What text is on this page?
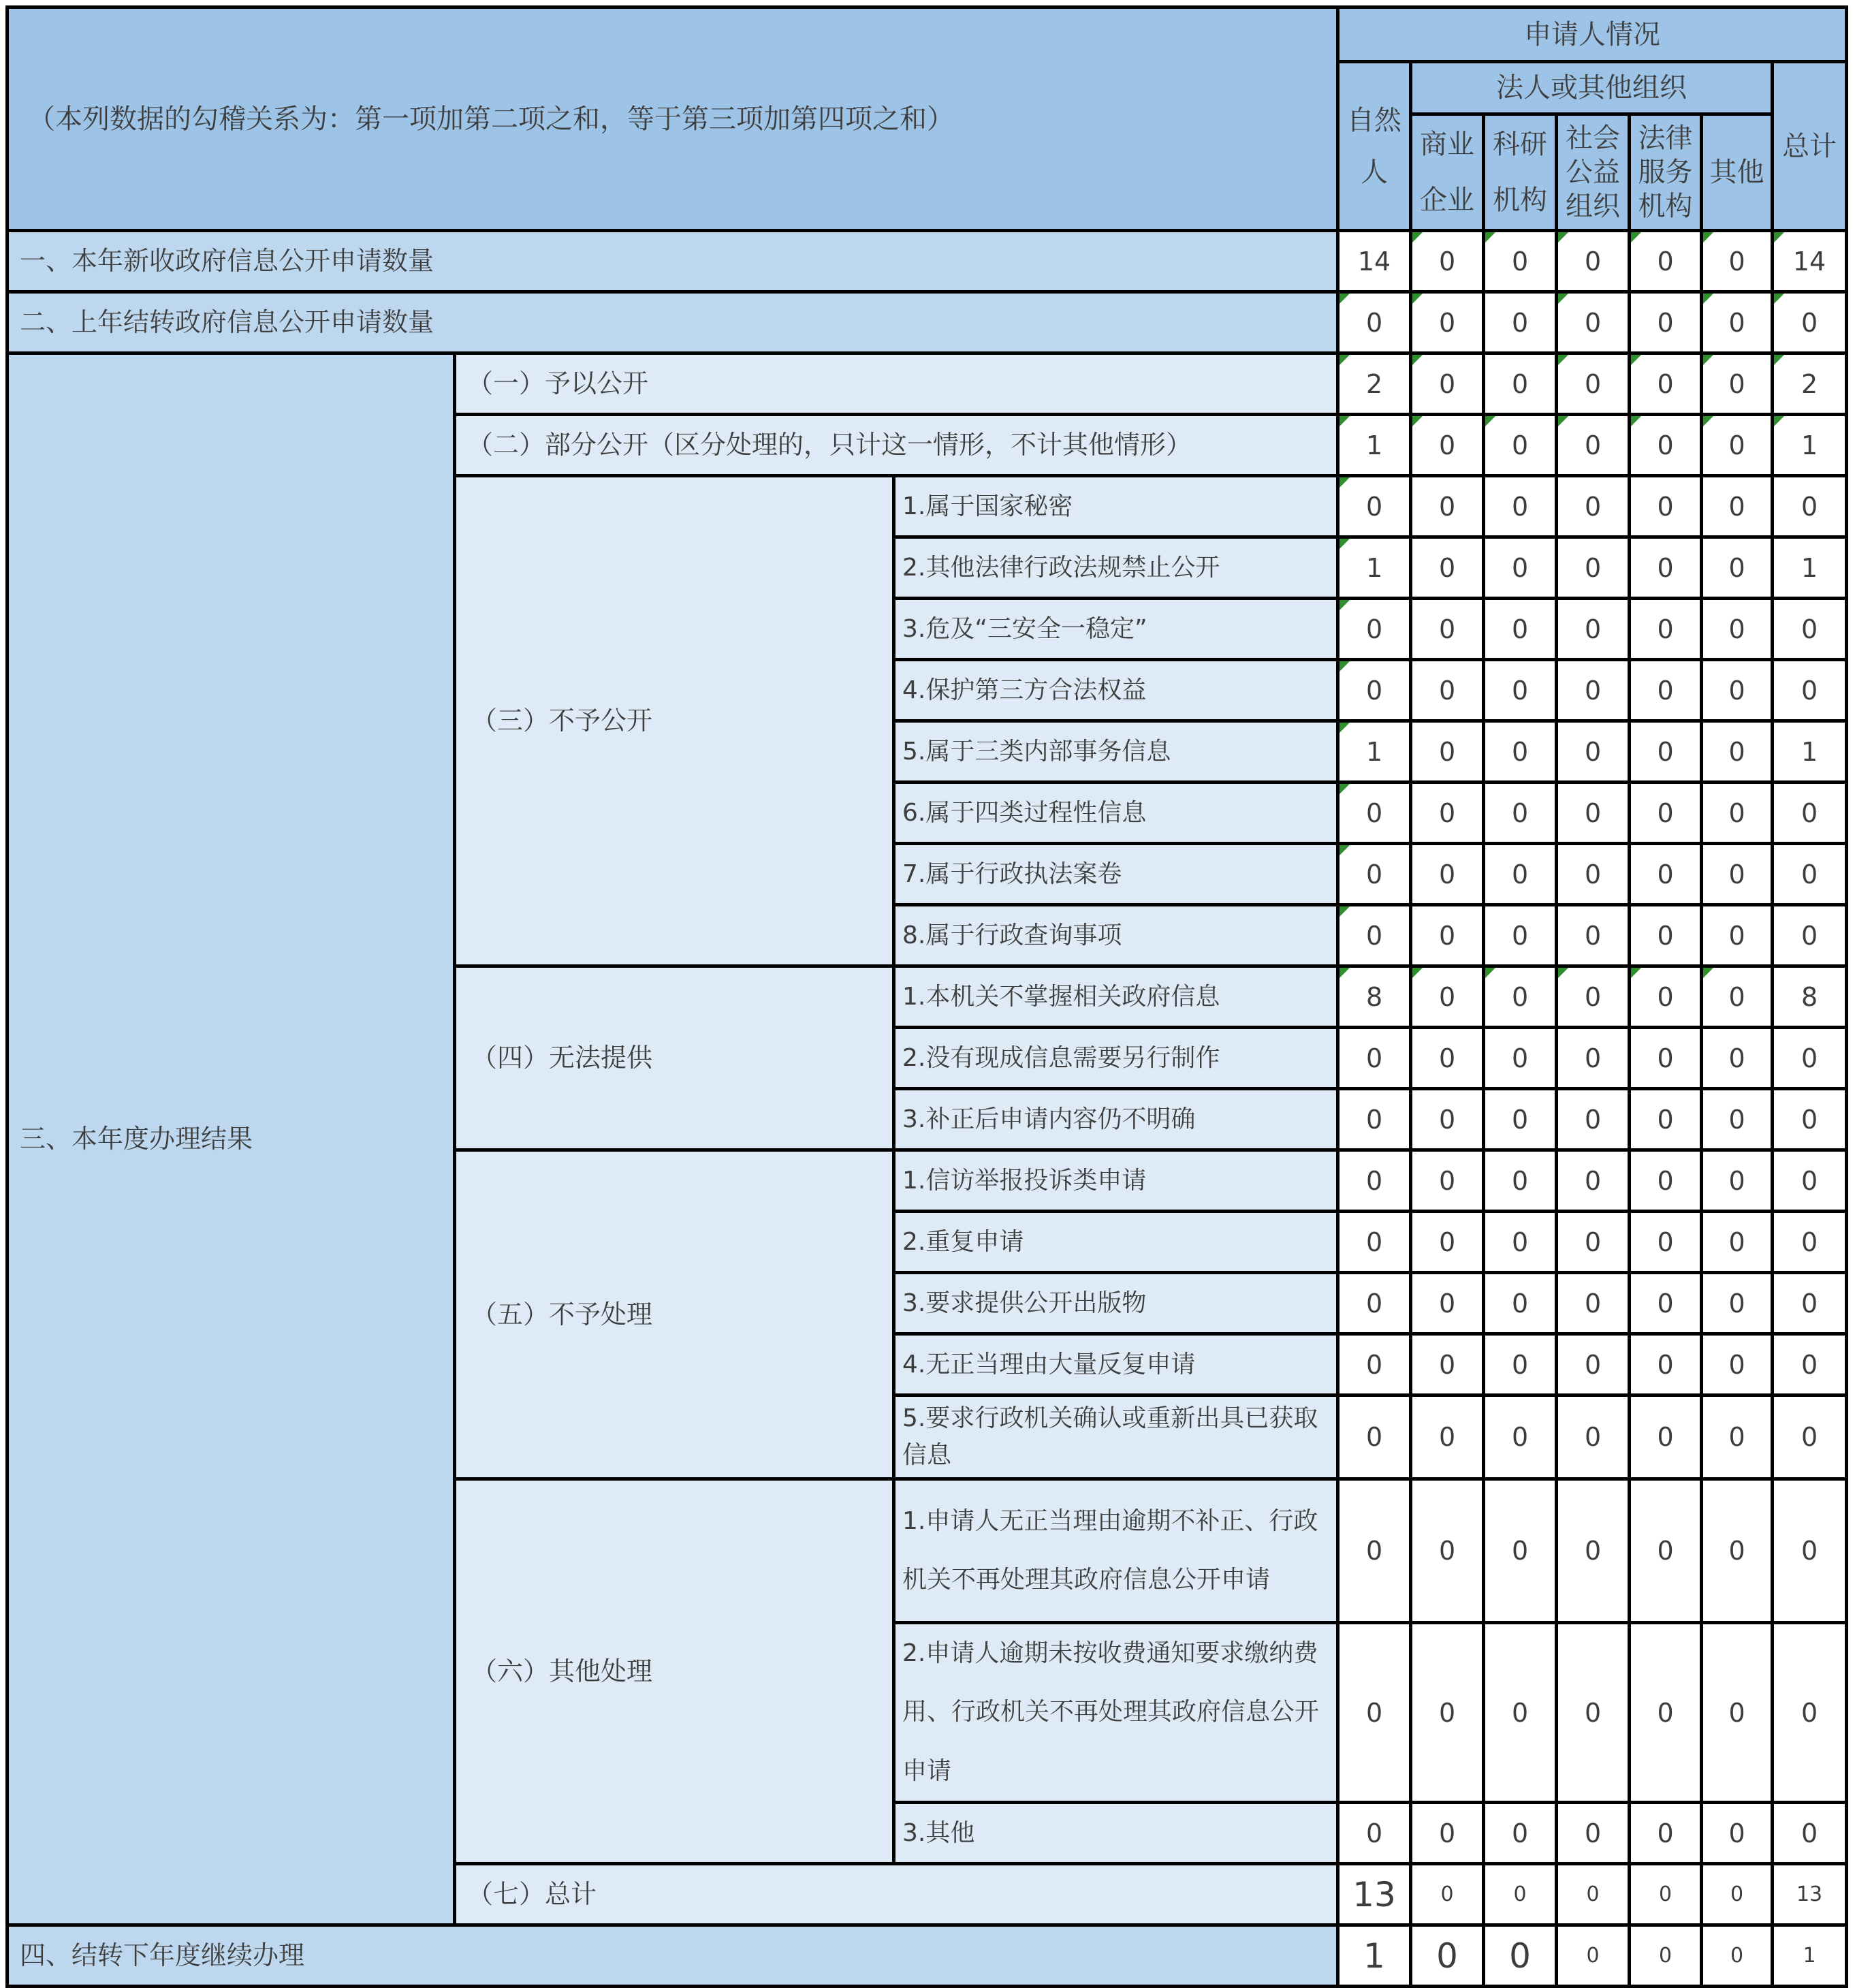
（本列数据的勾稽关系为：第一项加第二项之和，等于第三项加第四项之和）			申请人情况						
			自然人	法人或其他组织					总计
				商业企业	科研机构	社会公益组织	法律服务机构	其他	
一、本年新收政府信息公开申请数量			14	0	0	0	0	0	14
二、上年结转政府信息公开申请数量			0	0	0	0	0	0	0
三、本年度办理结果	（一）予以公开		2	0	0	0	0	0	2
	（二）部分公开（区分处理的，只计这一情形，不计其他情形）		1	0	0	0	0	0	1
	（三）不予公开	1.属于国家秘密	0	0	0	0	0	0	0
		2.其他法律行政法规禁止公开	1	0	0	0	0	0	1
		3.危及“三安全一稳定”	0	0	0	0	0	0	0
		4.保护第三方合法权益	0	0	0	0	0	0	0
		5.属于三类内部事务信息	1	0	0	0	0	0	1
		6.属于四类过程性信息	0	0	0	0	0	0	0
		7.属于行政执法案卷	0	0	0	0	0	0	0
		8.属于行政查询事项	0	0	0	0	0	0	0
	（四）无法提供	1.本机关不掌握相关政府信息	8	0	0	0	0	0	8
		2.没有现成信息需要另行制作	0	0	0	0	0	0	0
		3.补正后申请内容仍不明确	0	0	0	0	0	0	0
	（五）不予处理	1.信访举报投诉类申请	0	0	0	0	0	0	0
		2.重复申请	0	0	0	0	0	0	0
		3.要求提供公开出版物	0	0	0	0	0	0	0
		4.无正当理由大量反复申请	0	0	0	0	0	0	0
		5.要求行政机关确认或重新出具已获取信息	0	0	0	0	0	0	0
	（六）其他处理	1.申请人无正当理由逾期不补正、行政机关不再处理其政府信息公开申请	0	0	0	0	0	0	0
		2.申请人逾期未按收费通知要求缴纳费用、行政机关不再处理其政府信息公开申请	0	0	0	0	0	0	0
		3.其他	0	0	0	0	0	0	0
	（七）总计		13	0	0	0	0	0	13
四、结转下年度继续办理			1	0	0	0	0	0	1
